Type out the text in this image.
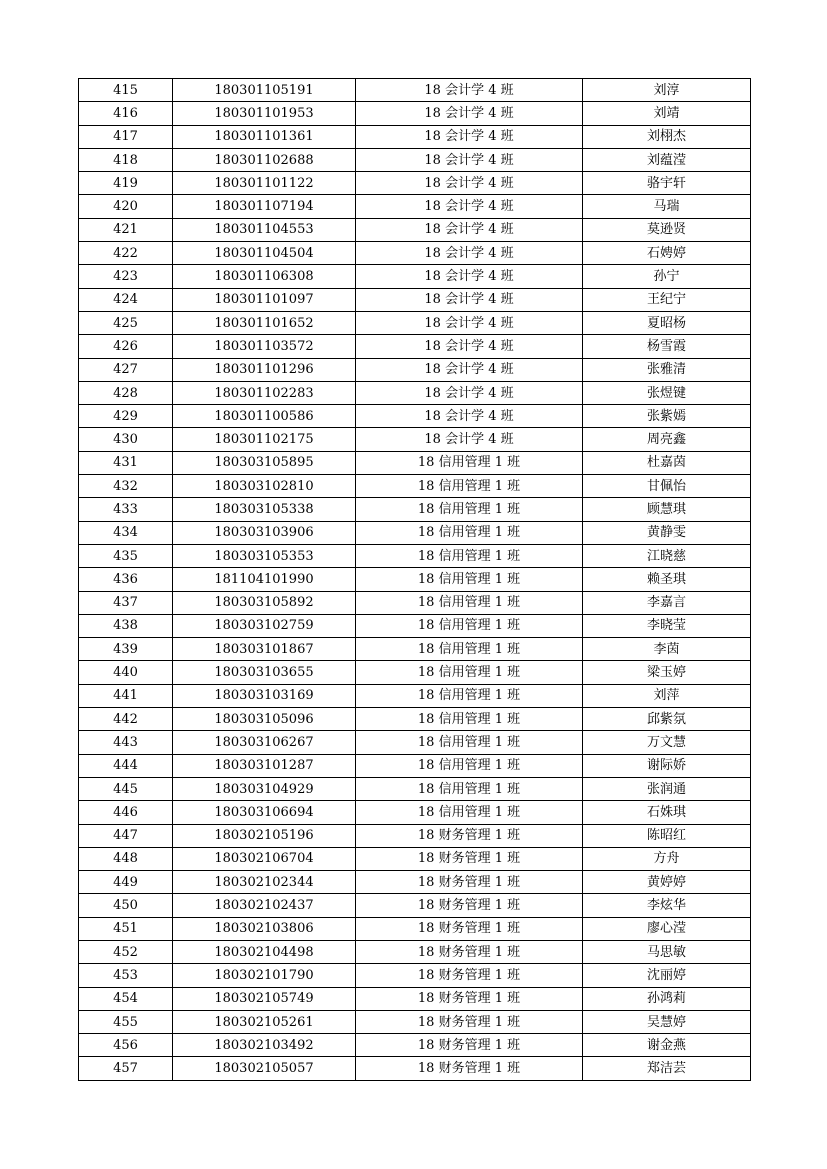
415	180301105191	18 会计学 4 班	刘淳
416	180301101953	18 会计学 4 班	刘靖
417	180301101361	18 会计学 4 班	刘栩杰
418	180301102688	18 会计学 4 班	刘蕴滢
419	180301101122	18 会计学 4 班	骆宇轩
420	180301107194	18 会计学 4 班	马瑞
421	180301104553	18 会计学 4 班	莫逊贤
422	180301104504	18 会计学 4 班	石娉婷
423	180301106308	18 会计学 4 班	孙宁
424	180301101097	18 会计学 4 班	王纪宁
425	180301101652	18 会计学 4 班	夏昭杨
426	180301103572	18 会计学 4 班	杨雪霞
427	180301101296	18 会计学 4 班	张雅清
428	180301102283	18 会计学 4 班	张煜键
429	180301100586	18 会计学 4 班	张紫嫣
430	180301102175	18 会计学 4 班	周亮鑫
431	180303105895	18 信用管理 1 班	杜嘉茵
432	180303102810	18 信用管理 1 班	甘佩怡
433	180303105338	18 信用管理 1 班	顾慧琪
434	180303103906	18 信用管理 1 班	黄静雯
435	180303105353	18 信用管理 1 班	江晓慈
436	181104101990	18 信用管理 1 班	赖圣琪
437	180303105892	18 信用管理 1 班	李嘉言
438	180303102759	18 信用管理 1 班	李晓莹
439	180303101867	18 信用管理 1 班	李茵
440	180303103655	18 信用管理 1 班	梁玉婷
441	180303103169	18 信用管理 1 班	刘萍
442	180303105096	18 信用管理 1 班	邱紫氛
443	180303106267	18 信用管理 1 班	万文慧
444	180303101287	18 信用管理 1 班	谢际娇
445	180303104929	18 信用管理 1 班	张润通
446	180303106694	18 信用管理 1 班	石姝琪
447	180302105196	18 财务管理 1 班	陈昭红
448	180302106704	18 财务管理 1 班	方舟
449	180302102344	18 财务管理 1 班	黄婷婷
450	180302102437	18 财务管理 1 班	李炫华
451	180302103806	18 财务管理 1 班	廖心滢
452	180302104498	18 财务管理 1 班	马思敏
453	180302101790	18 财务管理 1 班	沈丽婷
454	180302105749	18 财务管理 1 班	孙鸿莉
455	180302105261	18 财务管理 1 班	吴慧婷
456	180302103492	18 财务管理 1 班	谢金燕
457	180302105057	18 财务管理 1 班	郑洁芸
